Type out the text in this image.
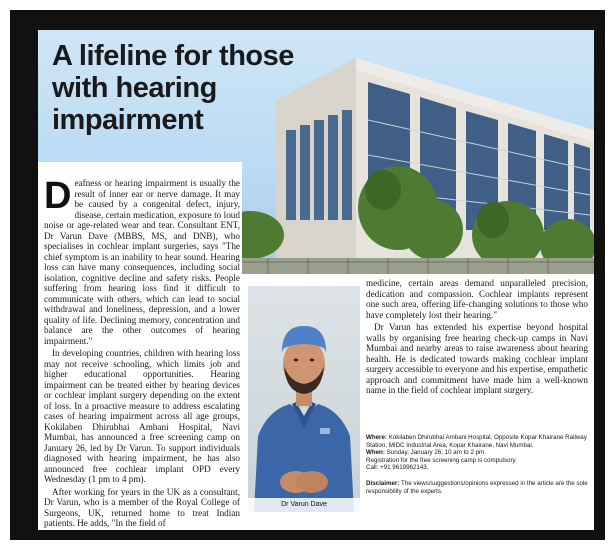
A lifeline for those with hearing impairment

Deafness or hearing impairment is usually the result of inner ear or nerve damage. It may be caused by a congenital defect, injury, disease, certain medication, exposure to loud noise or age-related wear and tear. Consultant ENT, Dr Varun Dave (MBBS, MS, and DNB), who specialises in cochlear implant surgeries, says "The chief symptom is an inability to hear sound. Hearing loss can have many consequences, including social isolation, cognitive decline and safety risks. People suffering from hearing loss find it difficult to communicate with others, which can lead to social withdrawal and loneliness, depression, and a lower quality of life. Declining memory, concentration and balance are the other outcomes of hearing impairment."

In developing countries, children with hearing loss may not receive schooling, which limits job and higher educational opportunities. Hearing impairment can be treated either by hearing devices or cochlear implant surgery depending on the extent of loss. In a proactive measure to address escalating cases of hearing impairment across all age groups, Kokilaben Dhirubhai Ambani Hospital, Navi Mumbai, has announced a free screening camp on January 26, led by Dr Varun. To support individuals diagnosed with hearing impairment, he has also announced free cochlear implant OPD every Wednesday (1 pm to 4 pm).

After working for years in the UK as a consultant, Dr Varun, who is a member of the Royal College of Surgeons, UK, returned home to treat Indian patients. He adds, "In the field of

Dr Varun Dave

medicine, certain areas demand unparalleled precision, dedication and compassion. Cochlear implants represent one such area, offering life-changing solutions to those who have completely lost their hearing."

Dr Varun has extended his expertise beyond hospital walls by organising free hearing check-up camps in Navi Mumbai and nearby areas to raise awareness about hearing health. He is dedicated towards making cochlear implant surgery accessible to everyone and his expertise, empathetic approach and commitment have made him a well-known name in the field of cochlear implant surgery.

Where: Kokilaben Dhirubhai Ambani Hospital, Opposite Kopar Khairane Railway Station, MIDC Industrial Area, Kopar Khairane, Navi Mumbai.
When: Sunday, January 26, 10 am to 2 pm.
Registration for the free screening camp is compulsory.
Call: +91 9619962143.
Disclaimer: The views/suggestions/opinions expressed in the article are the sole responsibility of the experts.
